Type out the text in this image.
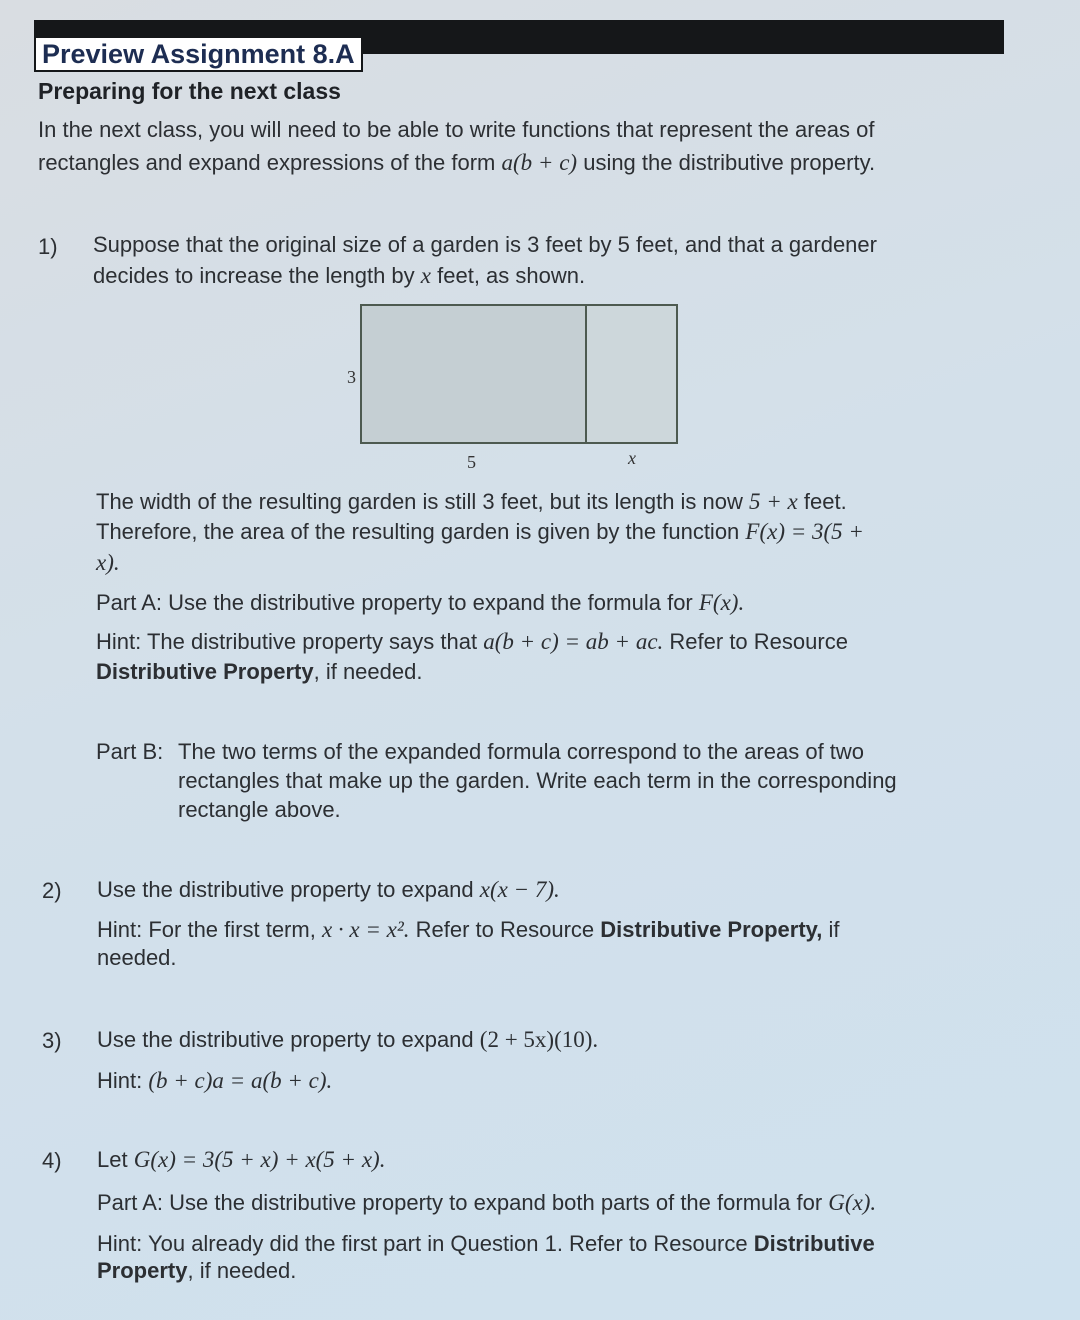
Preview Assignment 8.A
Preparing for the next class
In the next class, you will need to be able to write functions that represent the areas of
rectangles and expand expressions of the form a(b + c) using the distributive property.
1) Suppose that the original size of a garden is 3 feet by 5 feet, and that a gardener
decides to increase the length by x feet, as shown.
3
5	x
The width of the resulting garden is still 3 feet, but its length is now 5 + x feet.
Therefore, the area of the resulting garden is given by the function F(x) = 3(5 +
x).
Part A: Use the distributive property to expand the formula for F(x).
Hint: The distributive property says that a(b + c) = ab + ac. Refer to Resource
Distributive Property, if needed.
Part B: The two terms of the expanded formula correspond to the areas of two
rectangles that make up the garden. Write each term in the corresponding
rectangle above.
2) Use the distributive property to expand x(x − 7).
Hint: For the first term, x · x = x². Refer to Resource Distributive Property, if
needed.
3) Use the distributive property to expand (2 + 5x)(10).
Hint: (b + c)a = a(b + c).
4) Let G(x) = 3(5 + x) + x(5 + x).
Part A: Use the distributive property to expand both parts of the formula for G(x).
Hint: You already did the first part in Question 1. Refer to Resource Distributive
Property, if needed.
